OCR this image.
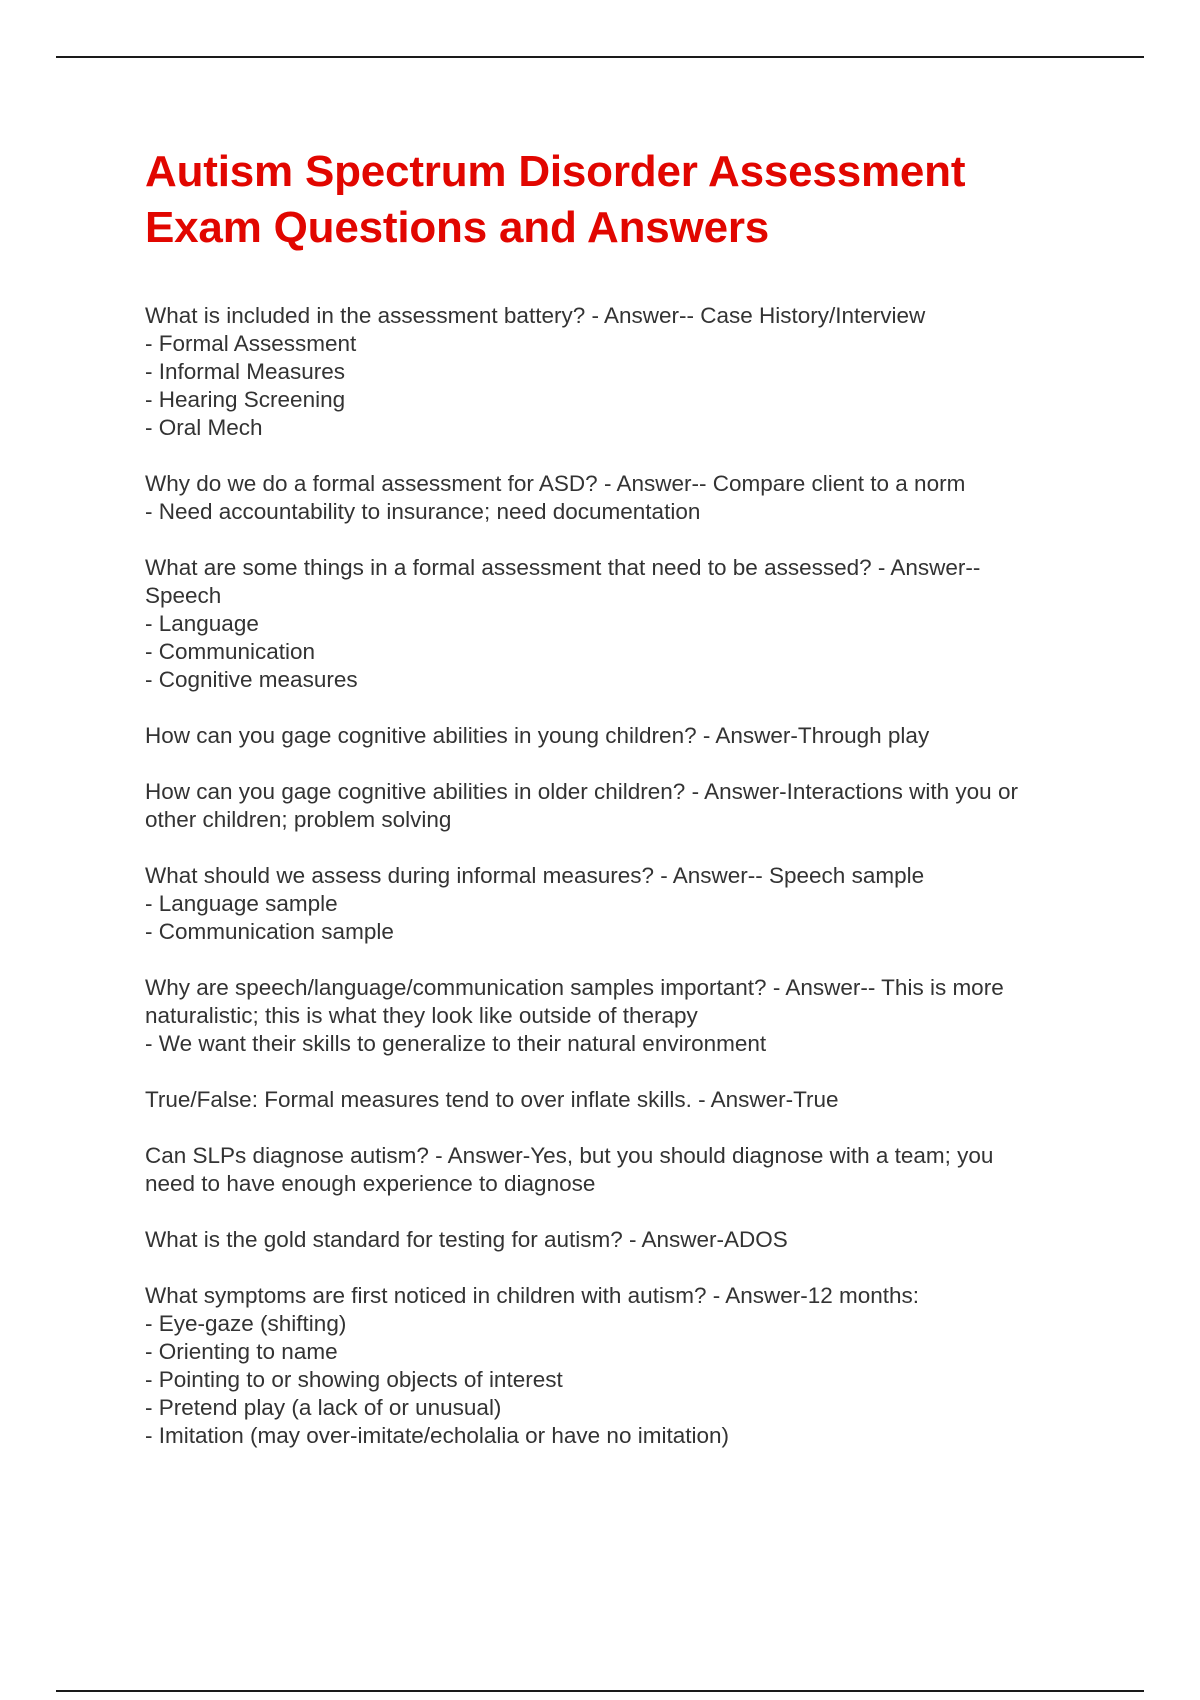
Autism Spectrum Disorder Assessment
Exam Questions and Answers

What is included in the assessment battery? - Answer-- Case History/Interview
- Formal Assessment
- Informal Measures
- Hearing Screening
- Oral Mech

Why do we do a formal assessment for ASD? - Answer-- Compare client to a norm
- Need accountability to insurance; need documentation

What are some things in a formal assessment that need to be assessed? - Answer--
Speech
- Language
- Communication
- Cognitive measures

How can you gage cognitive abilities in young children? - Answer-Through play

How can you gage cognitive abilities in older children? - Answer-Interactions with you or
other children; problem solving

What should we assess during informal measures? - Answer-- Speech sample
- Language sample
- Communication sample

Why are speech/language/communication samples important? - Answer-- This is more
naturalistic; this is what they look like outside of therapy
- We want their skills to generalize to their natural environment

True/False: Formal measures tend to over inflate skills. - Answer-True

Can SLPs diagnose autism? - Answer-Yes, but you should diagnose with a team; you
need to have enough experience to diagnose

What is the gold standard for testing for autism? - Answer-ADOS

What symptoms are first noticed in children with autism? - Answer-12 months:
- Eye-gaze (shifting)
- Orienting to name
- Pointing to or showing objects of interest
- Pretend play (a lack of or unusual)
- Imitation (may over-imitate/echolalia or have no imitation)
